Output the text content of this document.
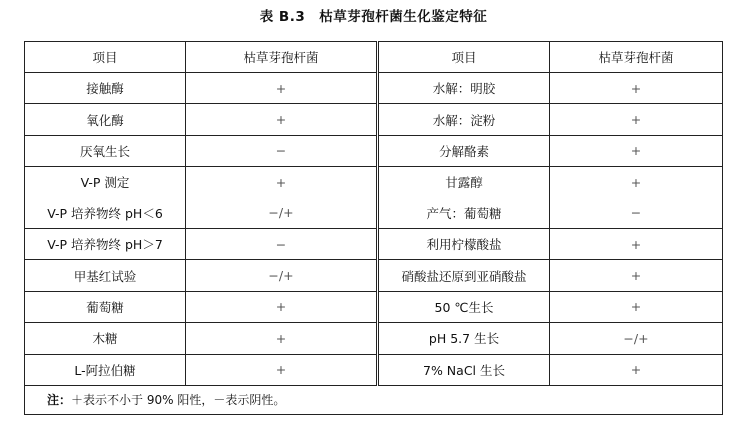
表 B.3　枯草芽孢杆菌生化鉴定特征
项目	枯草芽孢杆菌	项目	枯草芽孢杆菌
接触酶	+	水解：明胶	+
氧化酶	+	水解：淀粉	+
厌氧生长	−	分解酪素	+
V-P 测定	+	甘露醇	+
V-P 培养物终 pH＜6	−/+	产气：葡萄糖	−
V-P 培养物终 pH＞7	−	利用柠檬酸盐	+
甲基红试验	−/+	硝酸盐还原到亚硝酸盐	+
葡萄糖	+	50 ℃生长	+
木糖	+	pH 5.7 生长	−/+
L-阿拉伯糖	+	7% NaCl 生长	+
注：＋表示不小于 90% 阳性，－表示阴性。			
